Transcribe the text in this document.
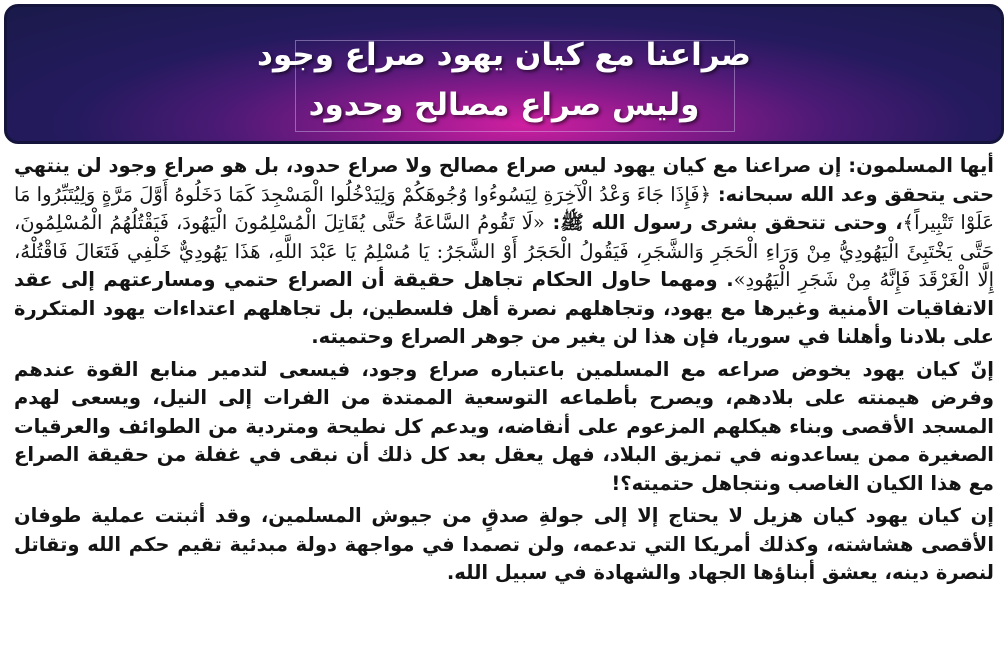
صراعنا مع كيان يهود صراع وجود
وليس صراع مصالح وحدود

أيها المسلمون: إن صراعنا مع كيان يهود ليس صراع مصالح ولا صراع حدود، بل هو صراع وجود لن ينتهي حتى يتحقق وعد الله سبحانه: ﴿فَإِذَا جَاءَ وَعْدُ الْآخِرَةِ لِيَسُوءُوا وُجُوهَكُمْ وَلِيَدْخُلُوا الْمَسْجِدَ كَمَا دَخَلُوهُ أَوَّلَ مَرَّةٍ وَلِيُتَبِّرُوا مَا عَلَوْا تَتْبِيراً﴾، وحتى تتحقق بشرى رسول الله ﷺ: «لَا تَقُومُ السَّاعَةُ حَتَّى يُقَاتِلَ الْمُسْلِمُونَ الْيَهُودَ، فَيَقْتُلُهُمُ الْمُسْلِمُونَ، حَتَّى يَخْتَبِئَ الْيَهُودِيُّ مِنْ وَرَاءِ الْحَجَرِ وَالشَّجَرِ، فَيَقُولُ الْحَجَرُ أَوْ الشَّجَرُ: يَا مُسْلِمُ يَا عَبْدَ اللَّهِ، هَذَا يَهُودِيٌّ خَلْفِي فَتَعَالَ فَاقْتُلْهُ، إِلَّا الْغَرْقَدَ فَإِنَّهُ مِنْ شَجَرِ الْيَهُودِ». ومهما حاول الحكام تجاهل حقيقة أن الصراع حتمي ومسارعتهم إلى عقد الاتفاقيات الأمنية وغيرها مع يهود، وتجاهلهم نصرة أهل فلسطين، بل تجاهلهم اعتداءات يهود المتكررة على بلادنا وأهلنا في سوريا، فإن هذا لن يغير من جوهر الصراع وحتميته.

إنّ كيان يهود يخوض صراعه مع المسلمين باعتباره صراع وجود، فيسعى لتدمير منابع القوة عندهم وفرض هيمنته على بلادهم، ويصرح بأطماعه التوسعية الممتدة من الفرات إلى النيل، ويسعى لهدم المسجد الأقصى وبناء هيكلهم المزعوم على أنقاضه، ويدعم كل نطيحة ومتردية من الطوائف والعرقيات الصغيرة ممن يساعدونه في تمزيق البلاد، فهل يعقل بعد كل ذلك أن نبقى في غفلة من حقيقة الصراع مع هذا الكيان الغاصب ونتجاهل حتميته؟!

إن كيان يهود كيان هزيل لا يحتاج إلا إلى جولةِ صدقٍ من جيوش المسلمين، وقد أثبتت عملية طوفان الأقصى هشاشته، وكذلك أمريكا التي تدعمه، ولن تصمدا في مواجهة دولة مبدئية تقيم حكم الله وتقاتل لنصرة دينه، يعشق أبناؤها الجهاد والشهادة في سبيل الله.
